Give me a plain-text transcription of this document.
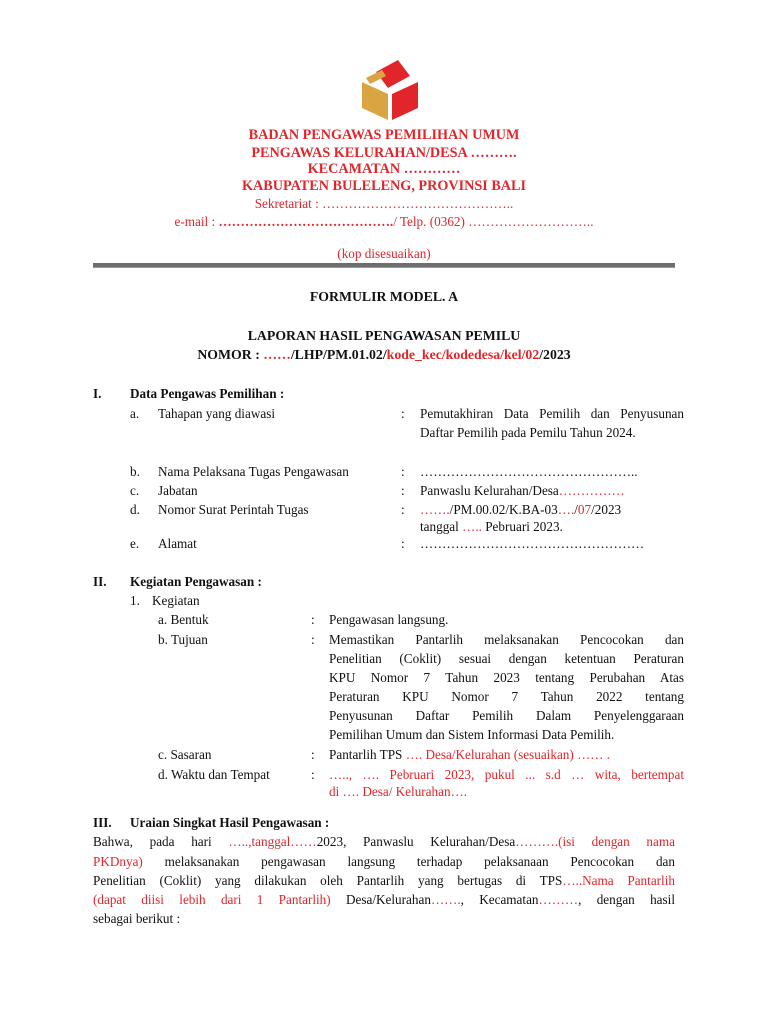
BADAN PENGAWAS PEMILIHAN UMUM
PENGAWAS KELURAHAN/DESA ……….
KECAMATAN …………
KABUPATEN BULELENG, PROVINSI BALI
Sekretariat : ……………………………………..
e-mail : …………………………………./ Telp. (0362) ………………………..
(kop disesuaikan)
FORMULIR MODEL. A
LAPORAN HASIL PENGAWASAN PEMILU
NOMOR : ……/LHP/PM.01.02/kode_kec/kodedesa/kel/02/2023
I. Data Pengawas Pemilihan :
a. Tahapan yang diawasi	: Pemutakhiran Data Pemilih dan Penyusunan Daftar Pemilih pada Pemilu Tahun 2024.
b. Nama Pelaksana Tugas Pengawasan	: …………………………………………..
c. Jabatan	: Panwaslu Kelurahan/Desa……………
d. Nomor Surat Perintah Tugas	: ……./PM.00.02/K.BA-03…./07/2023
tanggal ….. Pebruari 2023.
e. Alamat	: ……………………………………………
II. Kegiatan Pengawasan :
1. Kegiatan
a. Bentuk	: Pengawasan langsung.
b. Tujuan	: Memastikan Pantarlih melaksanakan Pencocokan dan
Penelitian (Coklit) sesuai dengan ketentuan Peraturan
KPU Nomor 7 Tahun 2023 tentang Perubahan Atas
Peraturan KPU Nomor 7 Tahun 2022 tentang
Penyusunan Daftar Pemilih Dalam Penyelenggaraan
Pemilihan Umum dan Sistem Informasi Data Pemilih.
c. Sasaran	: Pantarlih TPS …. Desa/Kelurahan (sesuaikan) …… .
d. Waktu dan Tempat	: ….., …. Pebruari 2023, pukul ... s.d … wita, bertempat
di …. Desa/ Kelurahan….
III. Uraian Singkat Hasil Pengawasan :
Bahwa, pada hari …..,tanggal……2023, Panwaslu Kelurahan/Desa……….(isi dengan nama
PKDnya) melaksanakan pengawasan langsung terhadap pelaksanaan Pencocokan dan
Penelitian (Coklit) yang dilakukan oleh Pantarlih yang bertugas di TPS…..Nama Pantarlih
(dapat diisi lebih dari 1 Pantarlih) Desa/Kelurahan……., Kecamatan………, dengan hasil
sebagai berikut :
